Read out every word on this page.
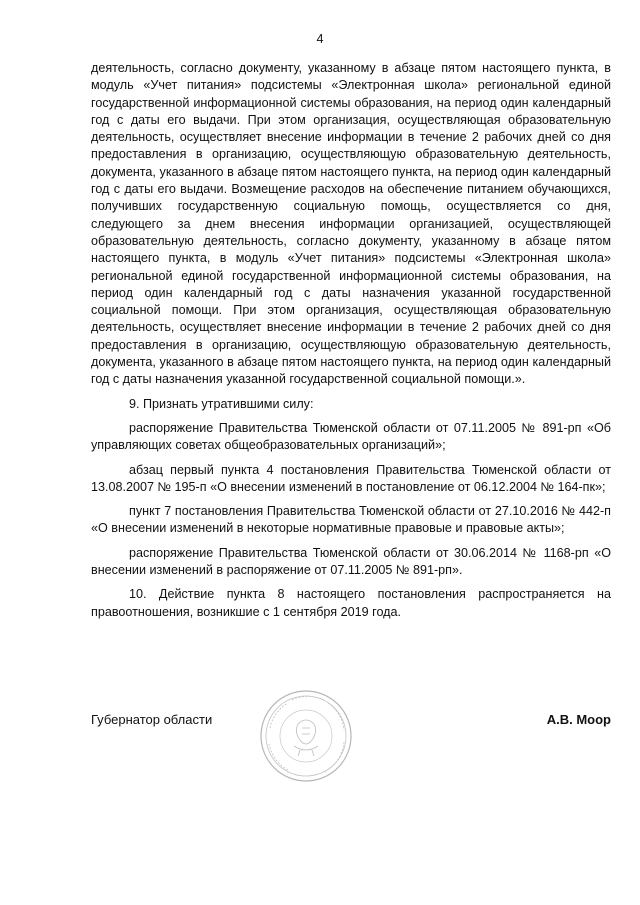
4

деятельность, согласно документу, указанному в абзаце пятом настоящего пункта, в модуль «Учет питания» подсистемы «Электронная школа» региональной единой государственной информационной системы образования, на период один календарный год с даты его выдачи. При этом организация, осуществляющая образовательную деятельность, осуществляет внесение информации в течение 2 рабочих дней со дня предоставления в организацию, осуществляющую образовательную деятельность, документа, указанного в абзаце пятом настоящего пункта, на период один календарный год с даты его выдачи. Возмещение расходов на обеспечение питанием обучающихся, получивших государственную социальную помощь, осуществляется со дня, следующего за днем внесения информации организацией, осуществляющей образовательную деятельность, согласно документу, указанному в абзаце пятом настоящего пункта, в модуль «Учет питания» подсистемы «Электронная школа» региональной единой государственной информационной системы образования, на период один календарный год с даты назначения указанной государственной социальной помощи. При этом организация, осуществляющая образовательную деятельность, осуществляет внесение информации в течение 2 рабочих дней со дня предоставления в организацию, осуществляющую образовательную деятельность, документа, указанного в абзаце пятом настоящего пункта, на период один календарный год с даты назначения указанной государственной социальной помощи.».

9. Признать утратившими силу:

распоряжение Правительства Тюменской области от 07.11.2005 № 891-рп «Об управляющих советах общеобразовательных организаций»;

абзац первый пункта 4 постановления Правительства Тюменской области от 13.08.2007 № 195-п «О внесении изменений в постановление от 06.12.2004 № 164-пк»;

пункт 7 постановления Правительства Тюменской области от 27.10.2016 № 442-п «О внесении изменений в некоторые нормативные правовые и правовые акты»;

распоряжение Правительства Тюменской области от 30.06.2014 № 1168-рп «О внесении изменений в распоряжение от 07.11.2005 № 891-рп».

10. Действие пункта 8 настоящего постановления распространяется на правоотношения, возникшие с 1 сентября 2019 года.

Губернатор области	А.В. Моор
